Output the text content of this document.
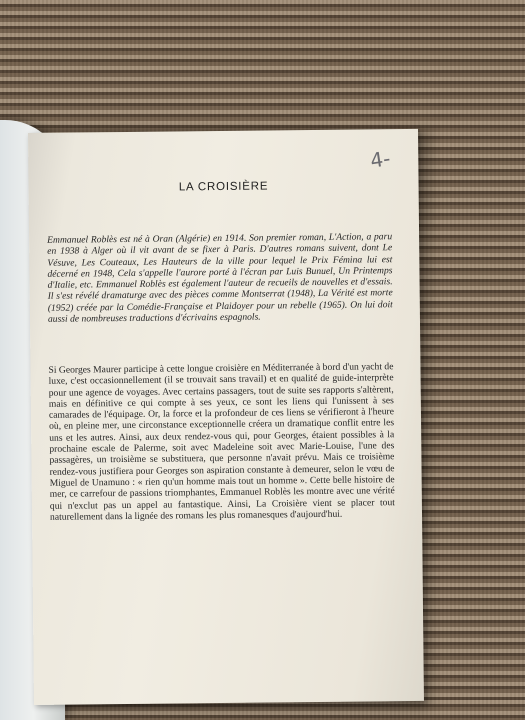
4-
LA CROISIÈRE

Emmanuel Roblès est né à Oran (Algérie) en 1914. Son premier roman, L'Action, a paru en 1938 à Alger où il vit avant de se fixer à Paris. D'autres romans suivent, dont Le Vésuve, Les Couteaux, Les Hauteurs de la ville pour lequel le Prix Fémina lui est décerné en 1948, Cela s'appelle l'aurore porté à l'écran par Luis Bunuel, Un Printemps d'Italie, etc. Emmanuel Roblès est également l'auteur de recueils de nouvelles et d'essais. Il s'est révélé dramaturge avec des pièces comme Montserrat (1948), La Vérité est morte (1952) créée par la Comédie-Française et Plaidoyer pour un rebelle (1965). On lui doit aussi de nombreuses traductions d'écrivains espagnols.

Si Georges Maurer participe à cette longue croisière en Méditerranée à bord d'un yacht de luxe, c'est occasionnellement (il se trouvait sans travail) et en qualité de guide-interprète pour une agence de voyages. Avec certains passagers, tout de suite ses rapports s'altèrent, mais en définitive ce qui compte à ses yeux, ce sont les liens qui l'unissent à ses camarades de l'équipage. Or, la force et la profondeur de ces liens se vérifieront à l'heure où, en pleine mer, une circonstance exceptionnelle créera un dramatique conflit entre les uns et les autres. Ainsi, aux deux rendez-vous qui, pour Georges, étaient possibles à la prochaine escale de Palerme, soit avec Madeleine soit avec Marie-Louise, l'une des passagères, un troisième se substituera, que personne n'avait prévu. Mais ce troisième rendez-vous justifiera pour Georges son aspiration constante à demeurer, selon le vœu de Miguel de Unamuno : « rien qu'un homme mais tout un homme ». Cette belle histoire de mer, ce carrefour de passions triomphantes, Emmanuel Roblès les montre avec une vérité qui n'exclut pas un appel au fantastique. Ainsi, La Croisière vient se placer tout naturellement dans la lignée des romans les plus romanesques d'aujourd'hui.
